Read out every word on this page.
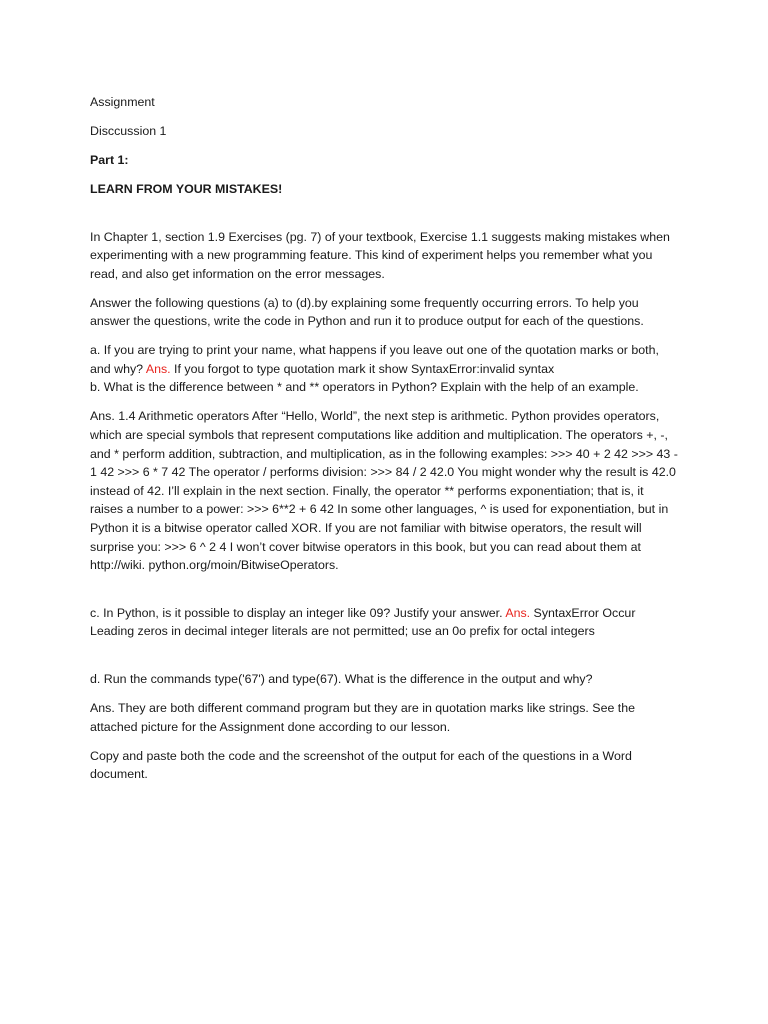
Assignment

Disccussion 1

Part 1:

LEARN FROM YOUR MISTAKES!

In Chapter 1, section 1.9 Exercises (pg. 7) of your textbook, Exercise 1.1 suggests making mistakes when experimenting with a new programming feature. This kind of experiment helps you remember what you read, and also get information on the error messages.

Answer the following questions (a) to (d).by explaining some frequently occurring errors. To help you answer the questions, write the code in Python and run it to produce output for each of the questions.

a. If you are trying to print your name, what happens if you leave out one of the quotation marks or both, and why? Ans. If you forgot to type quotation mark it show SyntaxError:invalid syntax

b. What is the difference between * and ** operators in Python? Explain with the help of an example.

Ans. 1.4 Arithmetic operators After “Hello, World”, the next step is arithmetic. Python provides operators, which are special symbols that represent computations like addition and multiplication. The operators +, -, and * perform addition, subtraction, and multiplication, as in the following examples: >>> 40 + 2 42 >>> 43 - 1 42 >>> 6 * 7 42 The operator / performs division: >>> 84 / 2 42.0 You might wonder why the result is 42.0 instead of 42. I’ll explain in the next section. Finally, the operator ** performs exponentiation; that is, it raises a number to a power: >>> 6**2 + 6 42 In some other languages, ^ is used for exponentiation, but in Python it is a bitwise operator called XOR. If you are not familiar with bitwise operators, the result will surprise you: >>> 6 ^ 2 4 I won’t cover bitwise operators in this book, but you can read about them at http://wiki. python.org/moin/BitwiseOperators.

c. In Python, is it possible to display an integer like 09? Justify your answer. Ans. SyntaxError Occur Leading zeros in decimal integer literals are not permitted; use an 0o prefix for octal integers

d. Run the commands type('67') and type(67). What is the difference in the output and why?

Ans. They are both different command program but they are in quotation marks like strings. See the attached picture for the Assignment done according to our lesson.

Copy and paste both the code and the screenshot of the output for each of the questions in a Word document.
